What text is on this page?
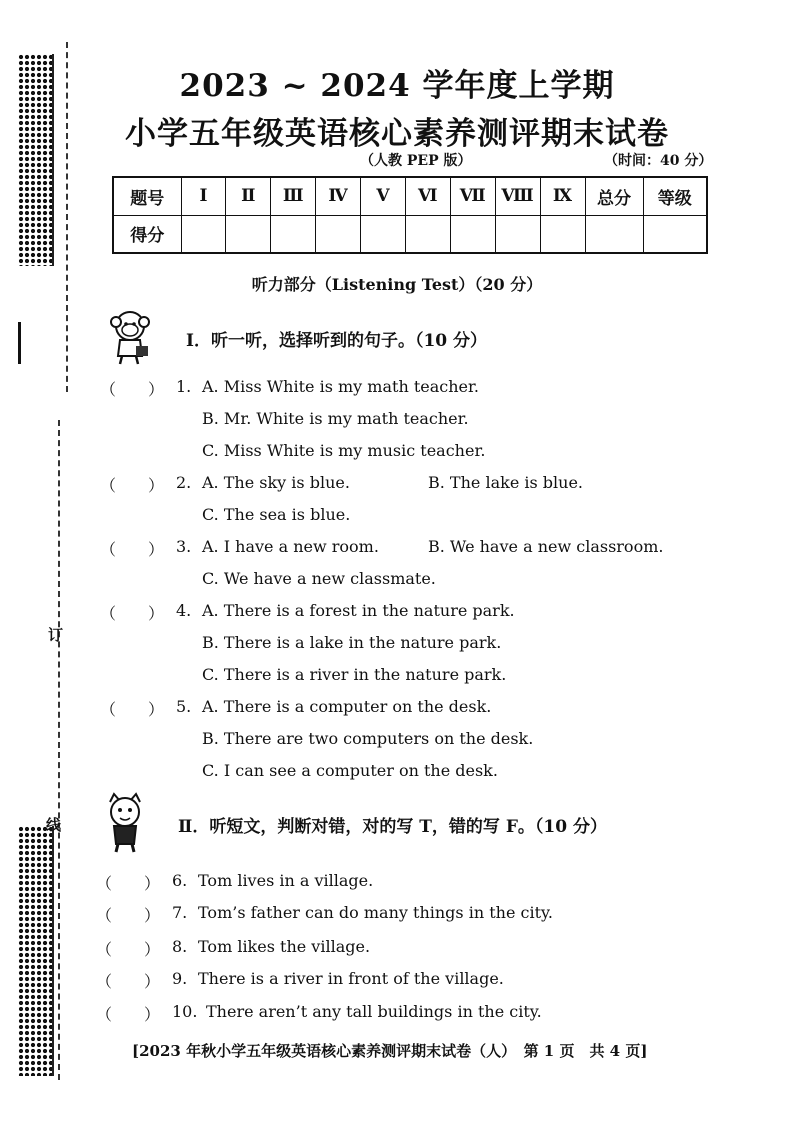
订
线
2023 ~ 2024 学年度上学期
小学五年级英语核心素养测评期末试卷
（人教 PEP 版）	（时间：40 分）
题号	Ⅰ	Ⅱ	Ⅲ	Ⅳ	Ⅴ	Ⅵ	Ⅶ	Ⅷ	Ⅸ	总分	等级
得分											
听力部分（Listening Test）（20 分）
Ⅰ．听一听，选择听到的句子。（10 分）
（　　） 1. A. Miss White is my math teacher.
B. Mr. White is my math teacher.
C. Miss White is my music teacher.
（　　） 2. A. The sky is blue.	B. The lake is blue.
C. The sea is blue.
（　　） 3. A. I have a new room.	B. We have a new classroom.
C. We have a new classmate.
（　　） 4. A. There is a forest in the nature park.
B. There is a lake in the nature park.
C. There is a river in the nature park.
（　　） 5. A. There is a computer on the desk.
B. There are two computers on the desk.
C. I can see a computer on the desk.
Ⅱ．听短文，判断对错，对的写 T，错的写 F。（10 分）
（　　） 6. Tom lives in a village.
（　　） 7. Tom’s father can do many things in the city.
（　　） 8. Tom likes the village.
（　　） 9. There is a river in front of the village.
（　　） 10. There aren’t any tall buildings in the city.
[2023 年秋小学五年级英语核心素养测评期末试卷（人）　第 1 页　共 4 页]
